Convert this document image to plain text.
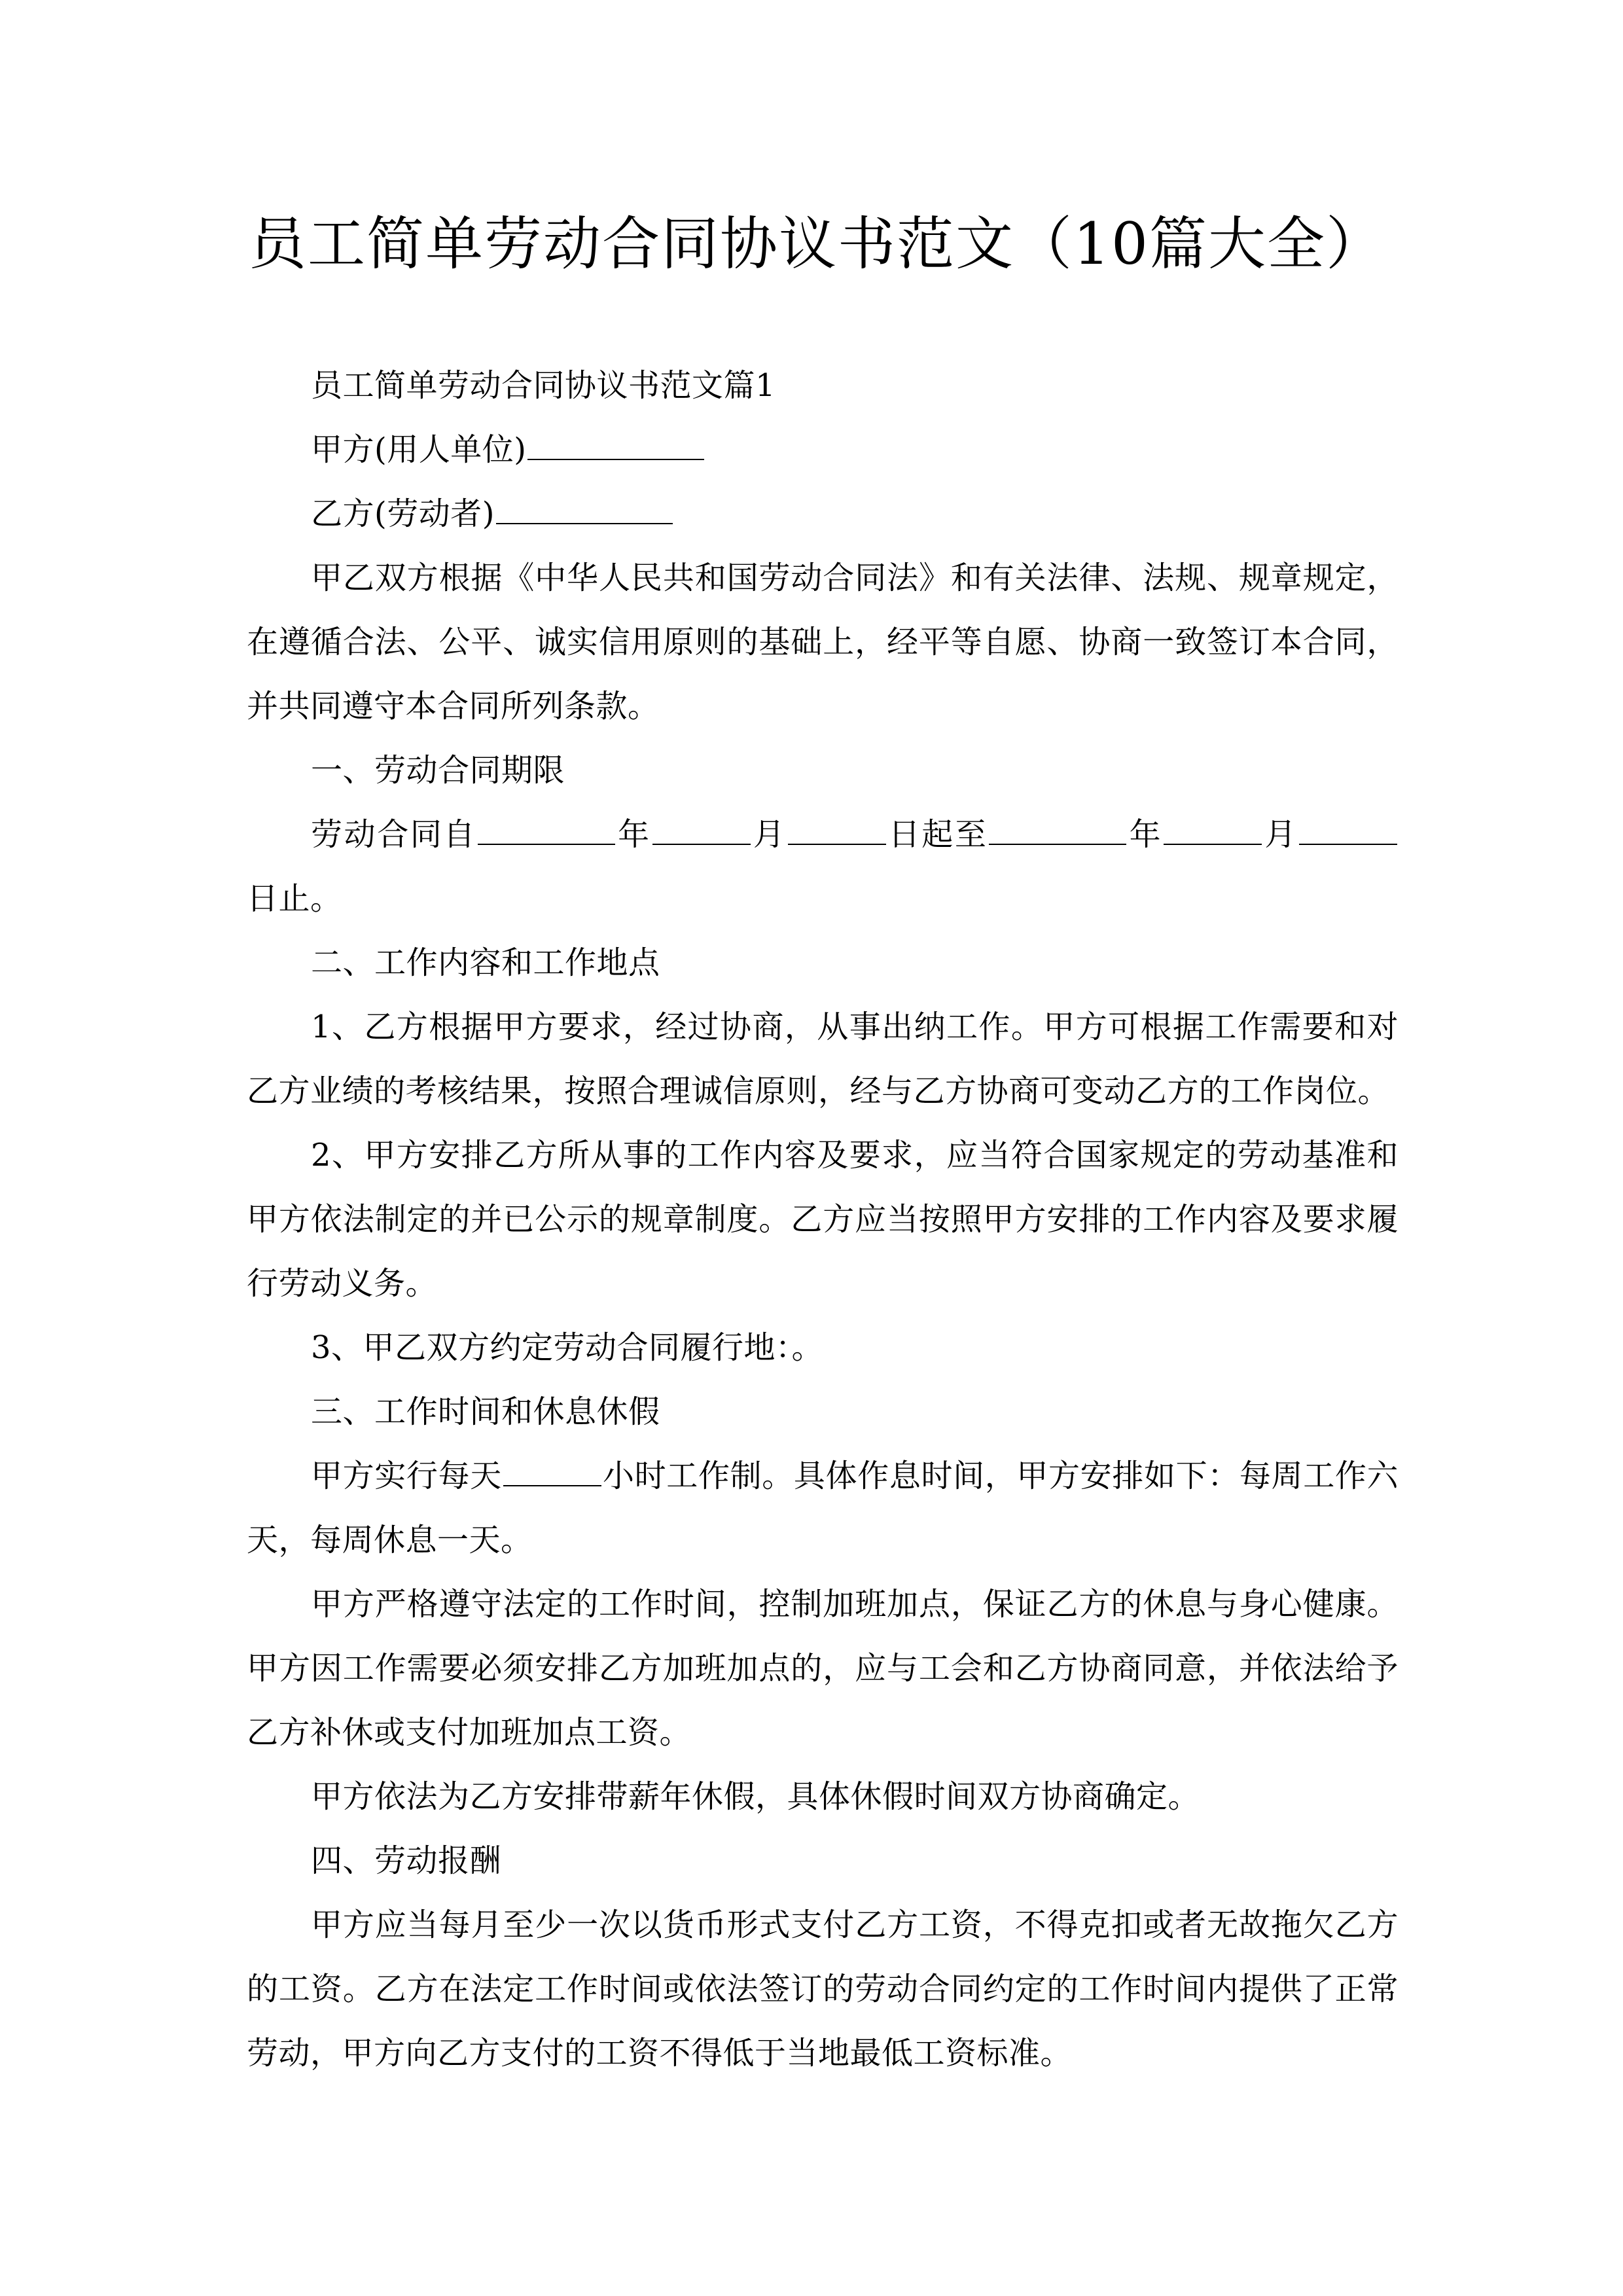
员工简单劳动合同协议书范文（10篇大全）

员工简单劳动合同协议书范文篇1

甲方(用人单位)

乙方(劳动者)

甲乙双方根据《中华人民共和国劳动合同法》和有关法律、法规、规章规定，在遵循合法、公平、诚实信用原则的基础上，经平等自愿、协商一致签订本合同，并共同遵守本合同所列条款。

一、劳动合同期限

劳动合同自	年	月	日起至	年	月日止。

二、工作内容和工作地点

1、乙方根据甲方要求，经过协商，从事出纳工作。甲方可根据工作需要和对乙方业绩的考核结果，按照合理诚信原则，经与乙方协商可变动乙方的工作岗位。

2、甲方安排乙方所从事的工作内容及要求，应当符合国家规定的劳动基准和甲方依法制定的并已公示的规章制度。乙方应当按照甲方安排的工作内容及要求履行劳动义务。

3、甲乙双方约定劳动合同履行地：。

三、工作时间和休息休假

甲方实行每天	小时工作制。具体作息时间，甲方安排如下：每周工作六天，每周休息一天。

甲方严格遵守法定的工作时间，控制加班加点，保证乙方的休息与身心健康。甲方因工作需要必须安排乙方加班加点的，应与工会和乙方协商同意，并依法给予乙方补休或支付加班加点工资。

甲方依法为乙方安排带薪年休假，具体休假时间双方协商确定。

四、劳动报酬

甲方应当每月至少一次以货币形式支付乙方工资，不得克扣或者无故拖欠乙方的工资。乙方在法定工作时间或依法签订的劳动合同约定的工作时间内提供了正常劳动，甲方向乙方支付的工资不得低于当地最低工资标准。
